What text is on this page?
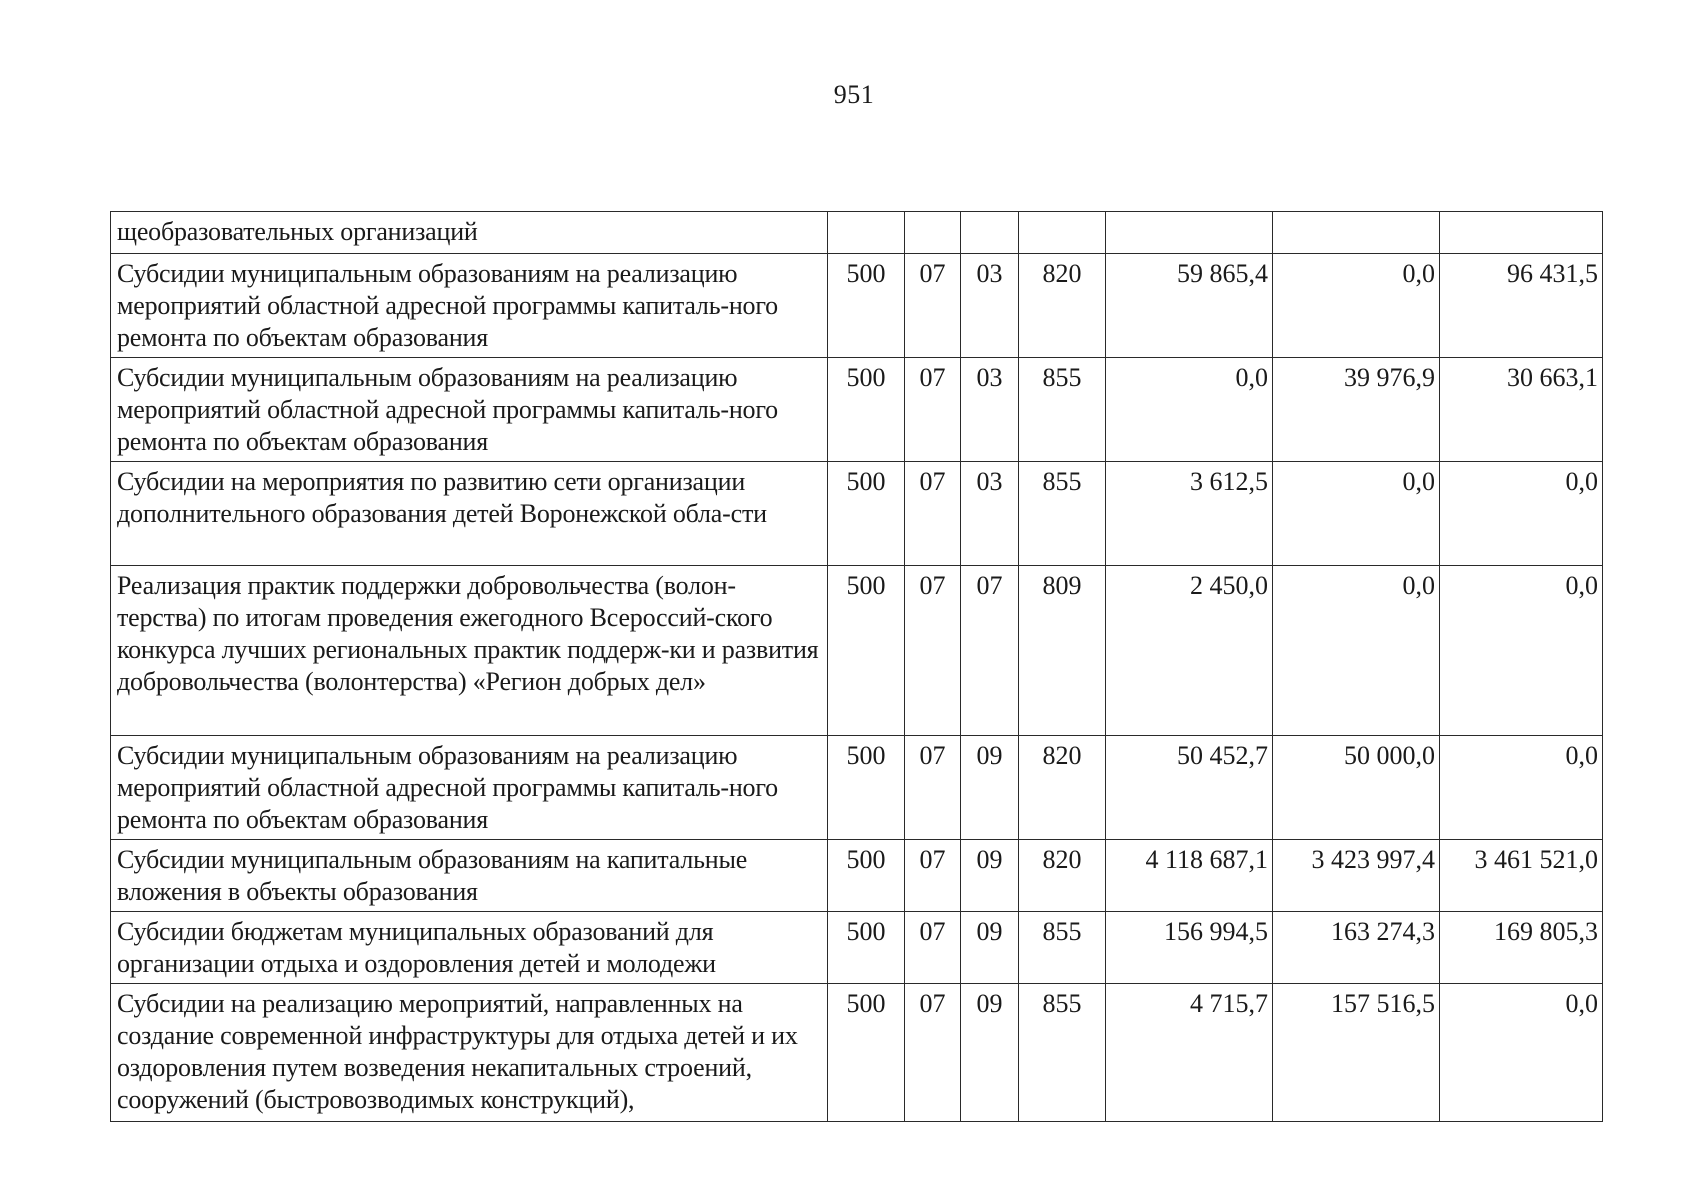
951
щеобразовательных организаций							
Субсидии муниципальным образованиям на реализацию мероприятий областной адресной программы капиталь-ного ремонта по объектам образования	500	07	03	820	59 865,4	0,0	96 431,5
Субсидии муниципальным образованиям на реализацию мероприятий областной адресной программы капиталь-ного ремонта по объектам образования	500	07	03	855	0,0	39 976,9	30 663,1
Субсидии на мероприятия по развитию сети организации дополнительного образования детей Воронежской обла-сти	500	07	03	855	3 612,5	0,0	0,0
Реализация практик поддержки добровольчества (волон-терства) по итогам проведения ежегодного Всероссий-ского конкурса лучших региональных практик поддерж-ки и развития добровольчества (волонтерства) «Регион добрых дел»	500	07	07	809	2 450,0	0,0	0,0
Субсидии муниципальным образованиям на реализацию мероприятий областной адресной программы капиталь-ного ремонта по объектам образования	500	07	09	820	50 452,7	50 000,0	0,0
Субсидии муниципальным образованиям на капитальные вложения в объекты образования	500	07	09	820	4 118 687,1	3 423 997,4	3 461 521,0
Субсидии бюджетам муниципальных образований для организации отдыха и оздоровления детей и молодежи	500	07	09	855	156 994,5	163 274,3	169 805,3
Субсидии на реализацию мероприятий, направленных на создание современной инфраструктуры для отдыха детей и их оздоровления путем возведения некапитальных строений, сооружений (быстровозводимых конструкций),	500	07	09	855	4 715,7	157 516,5	0,0
